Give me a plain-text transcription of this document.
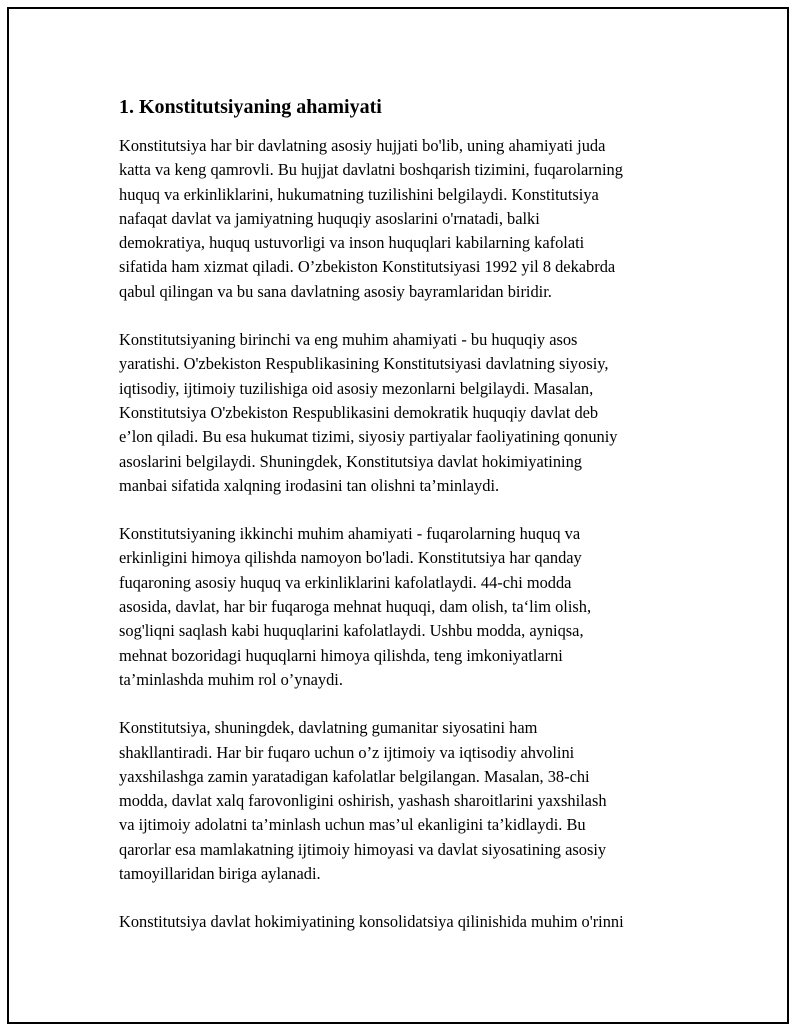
1. Konstitutsiyaning ahamiyati

Konstitutsiya har bir davlatning asosiy hujjati bo'lib, uning ahamiyati juda
katta va keng qamrovli. Bu hujjat davlatni boshqarish tizimini, fuqarolarning
huquq va erkinliklarini, hukumatning tuzilishini belgilaydi. Konstitutsiya
nafaqat davlat va jamiyatning huquqiy asoslarini o'rnatadi, balki
demokratiya, huquq ustuvorligi va inson huquqlari kabilarning kafolati
sifatida ham xizmat qiladi. O’zbekiston Konstitutsiyasi 1992 yil 8 dekabrda
qabul qilingan va bu sana davlatning asosiy bayramlaridan biridir.

Konstitutsiyaning birinchi va eng muhim ahamiyati - bu huquqiy asos
yaratishi. O'zbekiston Respublikasining Konstitutsiyasi davlatning siyosiy,
iqtisodiy, ijtimoiy tuzilishiga oid asosiy mezonlarni belgilaydi. Masalan,
Konstitutsiya O'zbekiston Respublikasini demokratik huquqiy davlat deb
e’lon qiladi. Bu esa hukumat tizimi, siyosiy partiyalar faoliyatining qonuniy
asoslarini belgilaydi. Shuningdek, Konstitutsiya davlat hokimiyatining
manbai sifatida xalqning irodasini tan olishni ta’minlaydi.

Konstitutsiyaning ikkinchi muhim ahamiyati - fuqarolarning huquq va
erkinligini himoya qilishda namoyon bo'ladi. Konstitutsiya har qanday
fuqaroning asosiy huquq va erkinliklarini kafolatlaydi. 44-chi modda
asosida, davlat, har bir fuqaroga mehnat huquqi, dam olish, ta‘lim olish,
sog'liqni saqlash kabi huquqlarini kafolatlaydi. Ushbu modda, ayniqsa,
mehnat bozoridagi huquqlarni himoya qilishda, teng imkoniyatlarni
ta’minlashda muhim rol o’ynaydi.

Konstitutsiya, shuningdek, davlatning gumanitar siyosatini ham
shakllantiradi. Har bir fuqaro uchun o’z ijtimoiy va iqtisodiy ahvolini
yaxshilashga zamin yaratadigan kafolatlar belgilangan. Masalan, 38-chi
modda, davlat xalq farovonligini oshirish, yashash sharoitlarini yaxshilash
va ijtimoiy adolatni ta’minlash uchun mas’ul ekanligini ta’kidlaydi. Bu
qarorlar esa mamlakatning ijtimoiy himoyasi va davlat siyosatining asosiy
tamoyillaridan biriga aylanadi.

Konstitutsiya davlat hokimiyatining konsolidatsiya qilinishida muhim o'rinni
